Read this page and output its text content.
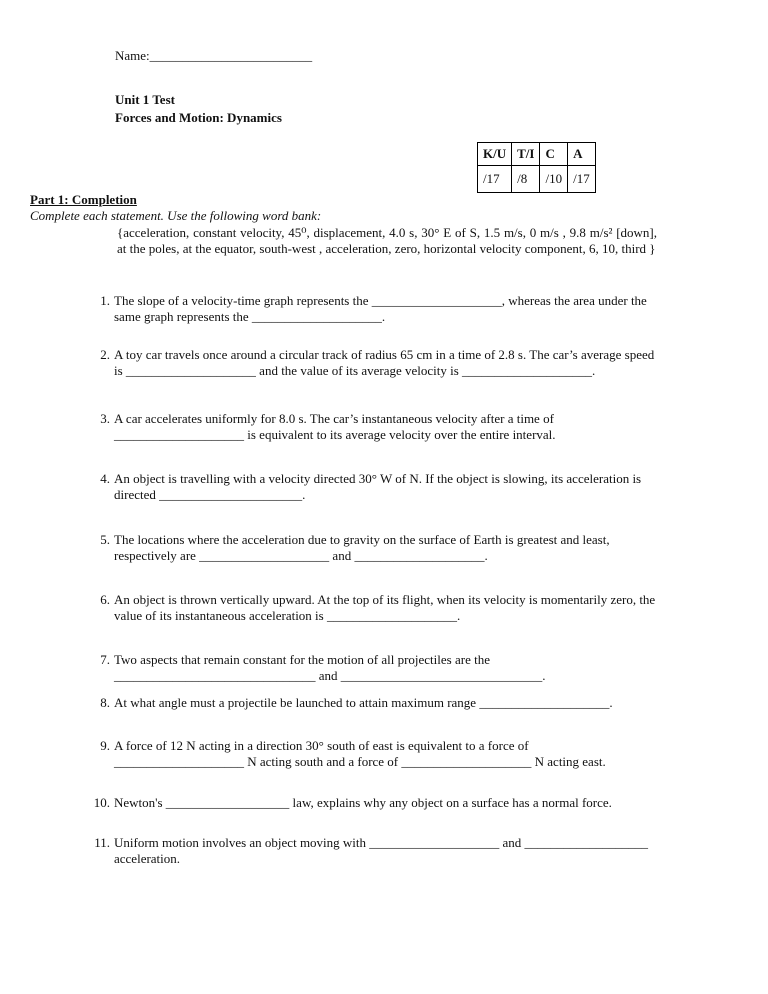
Name:_________________________
Unit 1 Test
Forces and Motion: Dynamics
K/U	T/I	C	A
/17	/8	/10	/17
Part 1: Completion
Complete each statement. Use the following word bank:
{acceleration, constant velocity, 45⁰, displacement, 4.0 s, 30° E of S, 1.5 m/s, 0 m/s , 9.8 m/s² [down], at the poles, at the equator, south-west , acceleration, zero, horizontal velocity component, 6, 10, third }
1. The slope of a velocity-time graph represents the ____________________, whereas the area under the same graph represents the ____________________.
2. A toy car travels once around a circular track of radius 65 cm in a time of 2.8 s. The car’s average speed is ____________________ and the value of its average velocity is ____________________.
3. A car accelerates uniformly for 8.0 s. The car’s instantaneous velocity after a time of ____________________ is equivalent to its average velocity over the entire interval.
4. An object is travelling with a velocity directed 30° W of N. If the object is slowing, its acceleration is directed ______________________.
5. The locations where the acceleration due to gravity on the surface of Earth is greatest and least, respectively are ____________________ and ____________________.
6. An object is thrown vertically upward. At the top of its flight, when its velocity is momentarily zero, the value of its instantaneous acceleration is ____________________.
7. Two aspects that remain constant for the motion of all projectiles are the _______________________________ and _______________________________.
8. At what angle must a projectile be launched to attain maximum range ____________________.
9. A force of 12 N acting in a direction 30° south of east is equivalent to a force of ____________________ N acting south and a force of ____________________ N acting east.
10. Newton's ___________________ law, explains why any object on a surface has a normal force.
11. Uniform motion involves an object moving with ____________________ and ___________________ acceleration.
